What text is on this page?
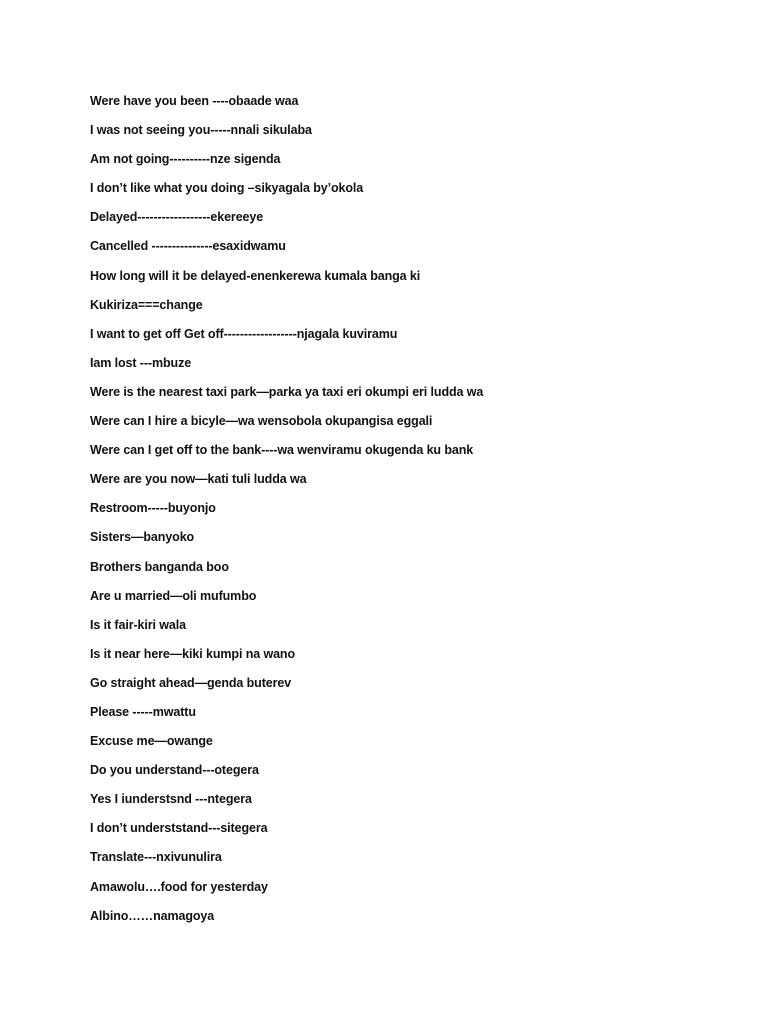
Were have you been ----obaade waa
I was not seeing you-----nnali sikulaba
Am not going----------nze sigenda
I don’t like what you doing –sikyagala by’okola
Delayed------------------ekereeye
Cancelled ---------------esaxidwamu
How long will it be delayed-enenkerewa kumala banga ki
Kukiriza===change
I want to get off Get off------------------njagala kuviramu
Iam lost ---mbuze
Were is the nearest taxi park—parka ya taxi eri okumpi eri ludda wa
Were can I hire a bicyle—wa wensobola okupangisa eggali
Were can I get off to the bank----wa wenviramu okugenda ku bank
Were are you now—kati tuli ludda wa
Restroom-----buyonjo
Sisters—banyoko
Brothers banganda boo
Are u married—oli mufumbo
Is it fair-kiri wala
Is it near here—kiki kumpi na wano
Go straight ahead—genda buterev
Please -----mwattu
Excuse me—owange
Do you understand---otegera
Yes I iunderstsnd ---ntegera
I don’t underststand---sitegera
Translate---nxivunulira
Amawolu….food for yesterday
Albino……namagoya
